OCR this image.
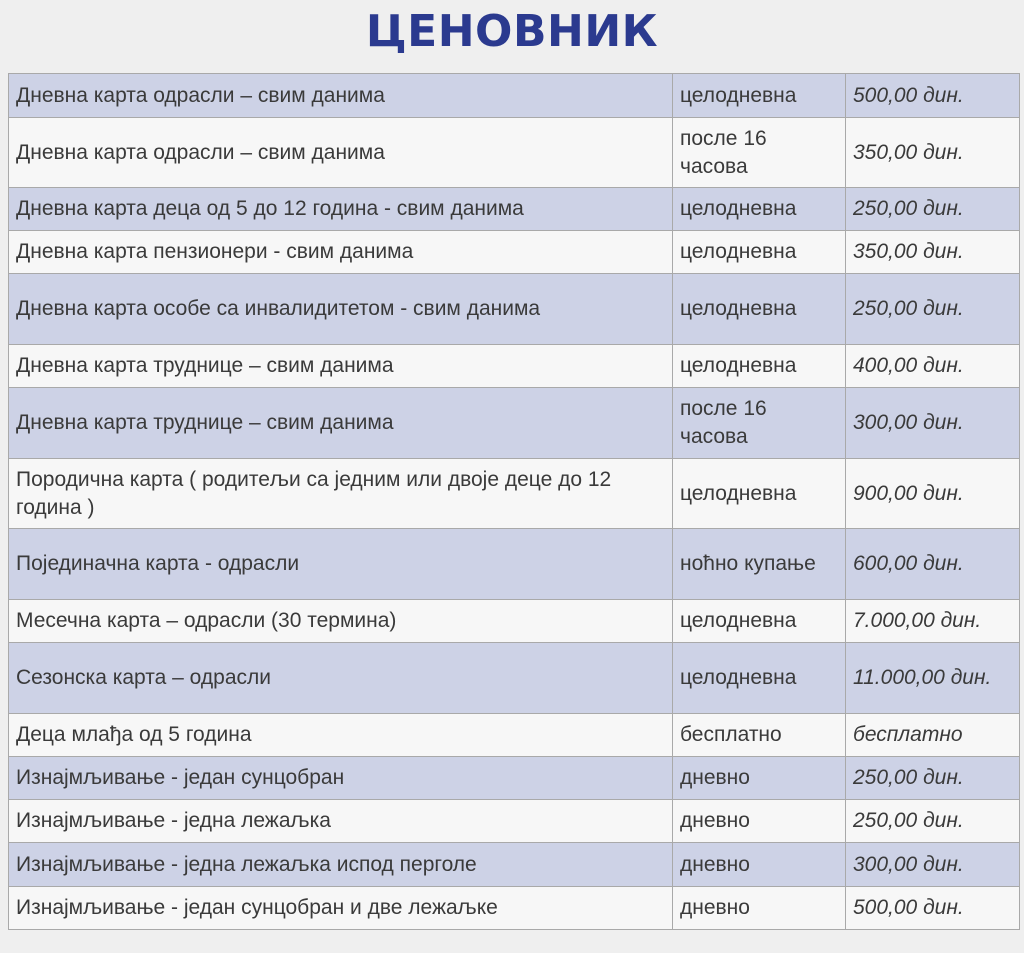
ЦЕНОВНИК
Дневна карта одрасли – свим данима	целодневна	500,00 дин.
Дневна карта одрасли – свим данима	после 16 часова	350,00 дин.
Дневна карта деца од 5 до 12 година - свим данима	целодневна	250,00 дин.
Дневна карта пензионери - свим данима	целодневна	350,00 дин.
Дневна карта особе са инвалидитетом - свим данима	целодневна	250,00 дин.
Дневна карта труднице – свим данима	целодневна	400,00 дин.
Дневна карта труднице – свим данима	после 16 часова	300,00 дин.
Породична карта ( родитељи са једним или двоје деце до 12 година )	целодневна	900,00 дин.
Појединачна карта - одрасли	ноћно купање	600,00 дин.
Месечна карта – одрасли (30 термина)	целодневна	7.000,00 дин.
Сезонска карта – одрасли	целодневна	11.000,00 дин.
Деца млађа од 5 година	бесплатно	бесплатно
Изнајмљивање - један сунцобран	дневно	250,00 дин.
Изнајмљивање - једна лежаљка	дневно	250,00 дин.
Изнајмљивање - једна лежаљка испод перголе	дневно	300,00 дин.
Изнајмљивање - један сунцобран и две лежаљке	дневно	500,00 дин.
